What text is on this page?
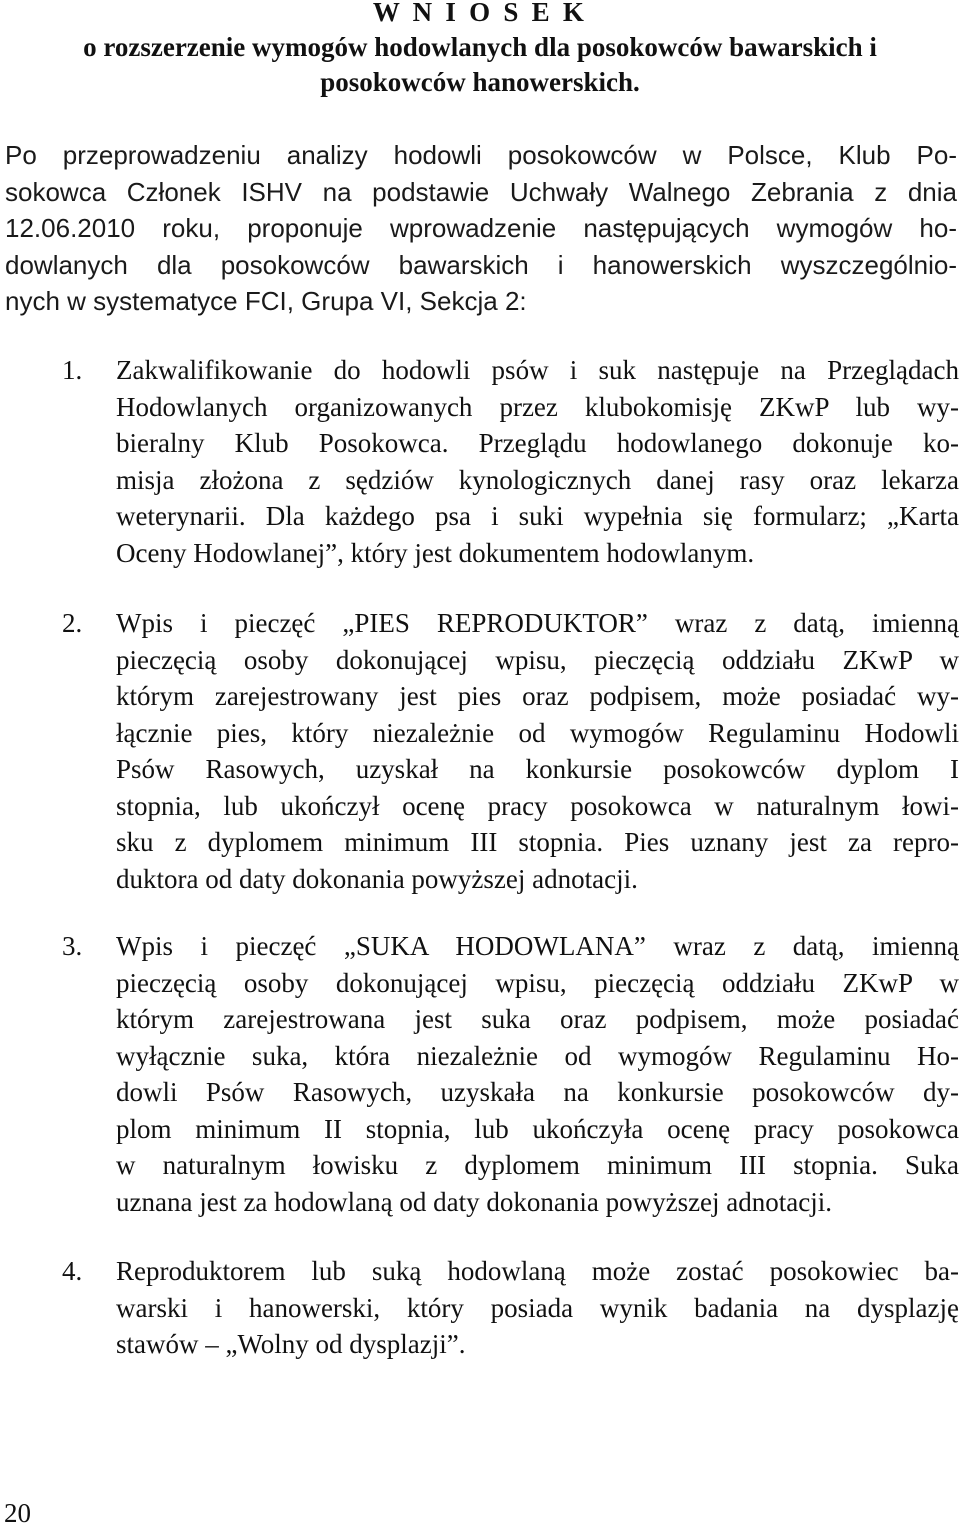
W N I O S E K
o rozszerzenie wymogów hodowlanych dla posokowców bawarskich i
posokowców hanowerskich.
Po przeprowadzeniu analizy hodowli posokowców w Polsce, Klub Po-
sokowca Członek ISHV na podstawie Uchwały Walnego Zebrania z dnia
12.06.2010 roku, proponuje wprowadzenie następujących wymogów ho-
dowlanych dla posokowców bawarskich i hanowerskich wyszczególnio-
nych w systematyce FCI, Grupa VI, Sekcja 2:
1.	Zakwalifikowanie do hodowli psów i suk następuje na Przeglądach
Hodowlanych organizowanych przez klubokomisję ZKwP lub wy-
bieralny Klub Posokowca. Przeglądu hodowlanego dokonuje ko-
misja złożona z sędziów kynologicznych danej rasy oraz lekarza
weterynarii. Dla każdego psa i suki wypełnia się formularz; „Karta
Oceny Hodowlanej”, który jest dokumentem hodowlanym.
2.	Wpis i pieczęć „PIES REPRODUKTOR” wraz z datą, imienną
pieczęcią osoby dokonującej wpisu, pieczęcią oddziału ZKwP w
którym zarejestrowany jest pies oraz podpisem, może posiadać wy-
łącznie pies, który niezależnie od wymogów Regulaminu Hodowli
Psów Rasowych, uzyskał na konkursie posokowców dyplom I
stopnia, lub ukończył ocenę pracy posokowca w naturalnym łowi-
sku z dyplomem minimum III stopnia. Pies uznany jest za repro-
duktora od daty dokonania powyższej adnotacji.
3.	Wpis i pieczęć „SUKA HODOWLANA” wraz z datą, imienną
pieczęcią osoby dokonującej wpisu, pieczęcią oddziału ZKwP w
którym zarejestrowana jest suka oraz podpisem, może posiadać
wyłącznie suka, która niezależnie od wymogów Regulaminu Ho-
dowli Psów Rasowych, uzyskała na konkursie posokowców dy-
plom minimum II stopnia, lub ukończyła ocenę pracy posokowca
w naturalnym łowisku z dyplomem minimum III stopnia. Suka
uznana jest za hodowlaną od daty dokonania powyższej adnotacji.
4.	Reproduktorem lub suką hodowlaną może zostać posokowiec ba-
warski i hanowerski, który posiada wynik badania na dysplazję
stawów – „Wolny od dysplazji”.
20
